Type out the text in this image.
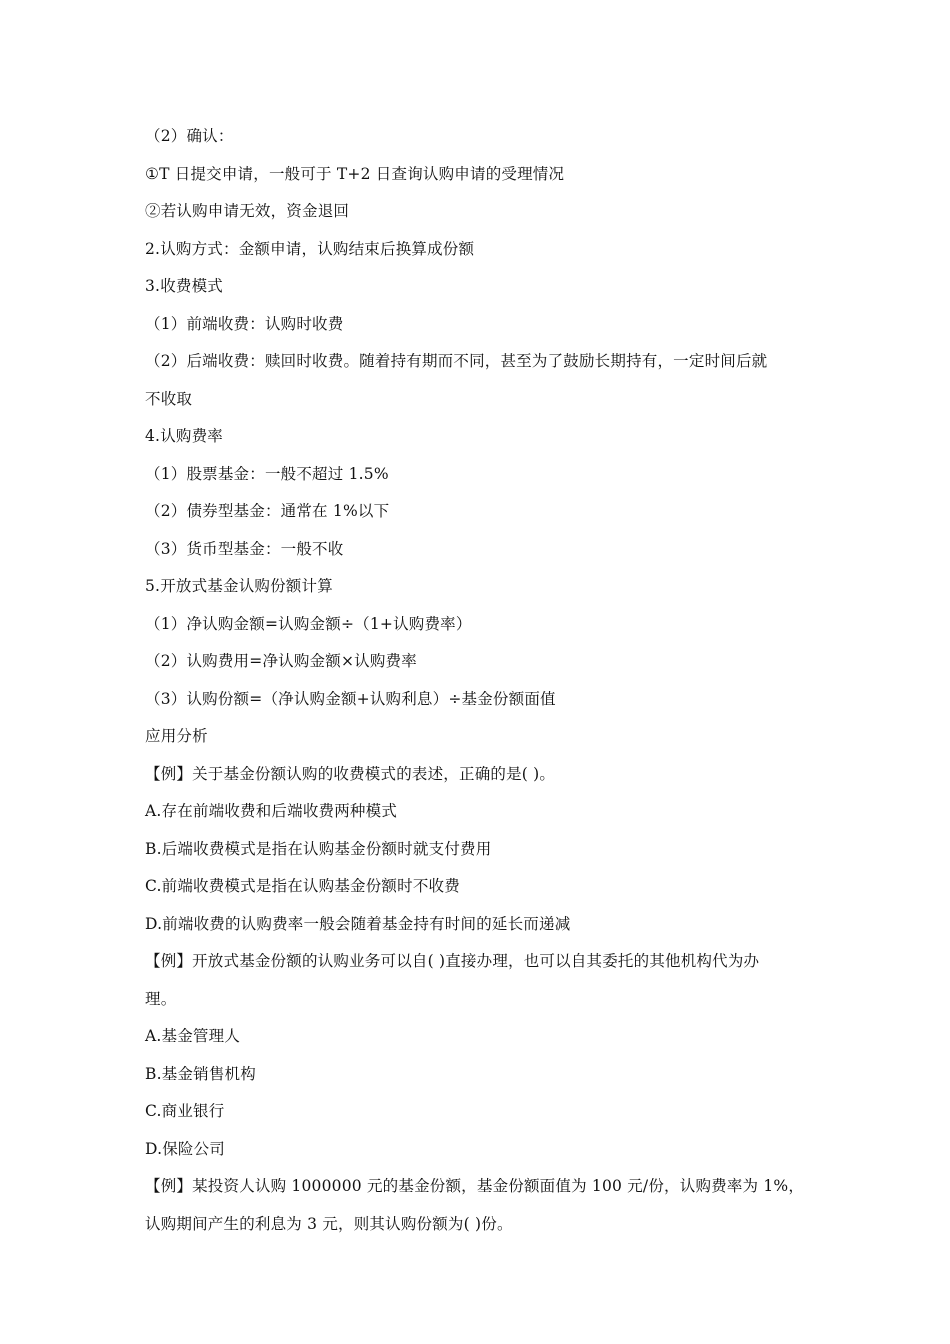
（2）确认：
①T 日提交申请，一般可于 T+2 日查询认购申请的受理情况
②若认购申请无效，资金退回
2.认购方式：金额申请，认购结束后换算成份额
3.收费模式
（1）前端收费：认购时收费
（2）后端收费：赎回时收费。随着持有期而不同，甚至为了鼓励长期持有，一定时间后就
不收取
4.认购费率
（1）股票基金：一般不超过 1.5%
（2）债券型基金：通常在 1%以下
（3）货币型基金：一般不收
5.开放式基金认购份额计算
（1）净认购金额=认购金额÷（1+认购费率）
（2）认购费用=净认购金额×认购费率
（3）认购份额=（净认购金额+认购利息）÷基金份额面值
应用分析
【例】关于基金份额认购的收费模式的表述，正确的是( )。
A.存在前端收费和后端收费两种模式
B.后端收费模式是指在认购基金份额时就支付费用
C.前端收费模式是指在认购基金份额时不收费
D.前端收费的认购费率一般会随着基金持有时间的延长而递减
【例】开放式基金份额的认购业务可以自( )直接办理，也可以自其委托的其他机构代为办
理。
A.基金管理人
B.基金销售机构
C.商业银行
D.保险公司
【例】某投资人认购 1000000 元的基金份额，基金份额面值为 100 元/份，认购费率为 1%，
认购期间产生的利息为 3 元，则其认购份额为( )份。
